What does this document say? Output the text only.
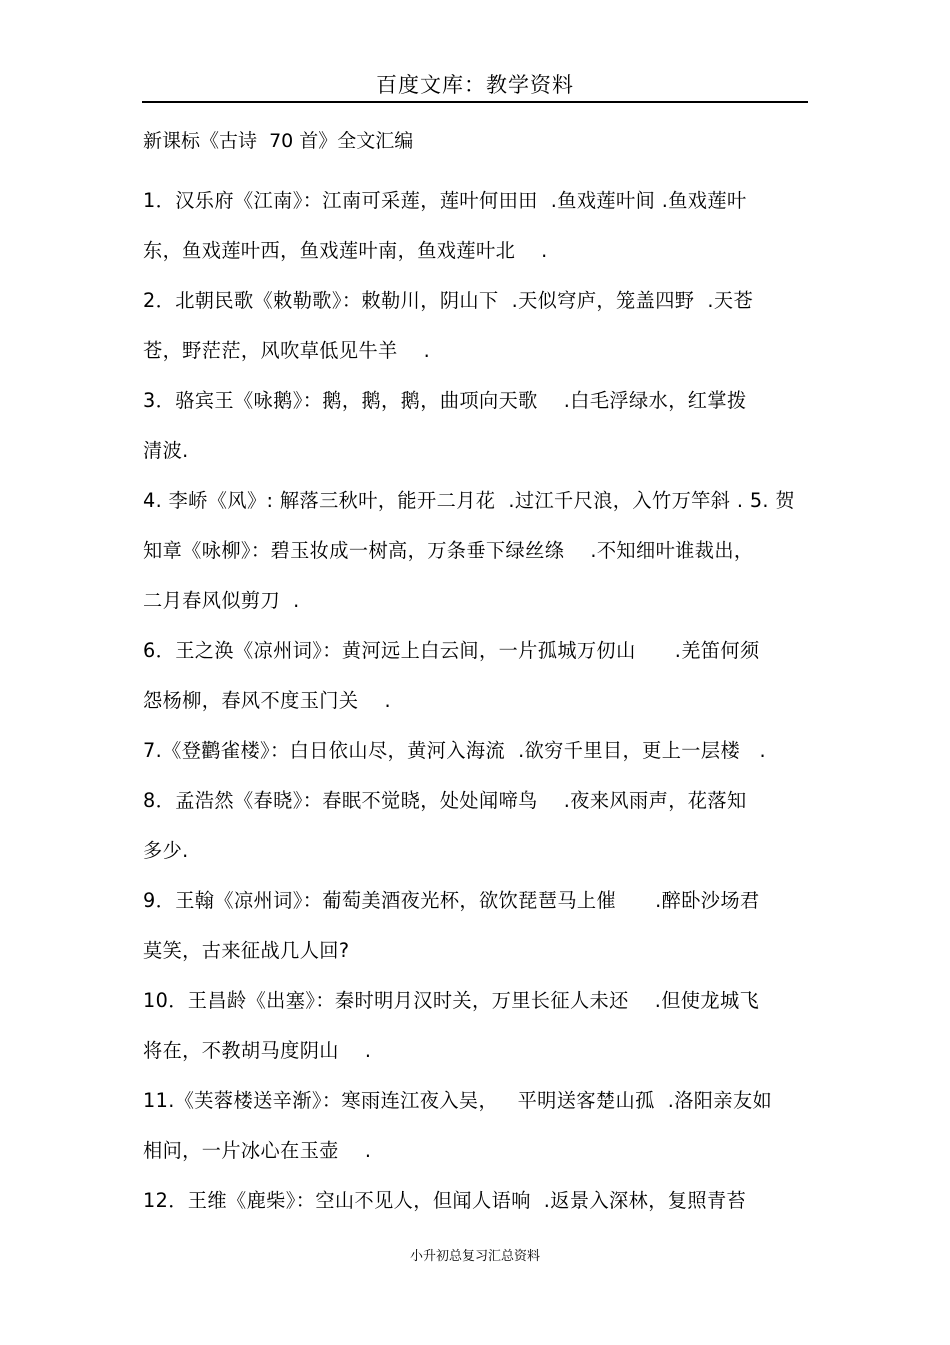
百度文库：教学资料
新课标《古诗  70 首》全文汇编
1．汉乐府《江南》：江南可采莲，莲叶何田田  .鱼戏莲叶间 .鱼戏莲叶
东，鱼戏莲叶西，鱼戏莲叶南，鱼戏莲叶北    .
2．北朝民歌《敕勒歌》：敕勒川，阴山下  .天似穹庐，笼盖四野  .天苍
苍，野茫茫，风吹草低见牛羊    .
3．骆宾王《咏鹅》：鹅，鹅，鹅，曲项向天歌    .白毛浮绿水，红掌拨
清波.
4. 李峤《风》: 解落三秋叶，能开二月花  .过江千尺浪，入竹万竿斜 . 5. 贺
知章《咏柳》：碧玉妆成一树高，万条垂下绿丝绦    .不知细叶谁裁出，
二月春风似剪刀  .
6．王之涣《凉州词》：黄河远上白云间，一片孤城万仞山      .羌笛何须
怨杨柳，春风不度玉门关    .
7.《登鹳雀楼》：白日依山尽，黄河入海流  .欲穷千里目，更上一层楼   .
8．孟浩然《春晓》：春眠不觉晓，处处闻啼鸟    .夜来风雨声，花落知
多少.
9．王翰《凉州词》：葡萄美酒夜光杯，欲饮琵琶马上催      .醉卧沙场君
莫笑，古来征战几人回?
10．王昌龄《出塞》：秦时明月汉时关，万里长征人未还    .但使龙城飞
将在，不教胡马度阴山    .
11.《芙蓉楼送辛渐》：寒雨连江夜入吴，   平明送客楚山孤  .洛阳亲友如
相问，一片冰心在玉壶    .
12．王维《鹿柴》：空山不见人，但闻人语响  .返景入深林，复照青苔
小升初总复习汇总资料
